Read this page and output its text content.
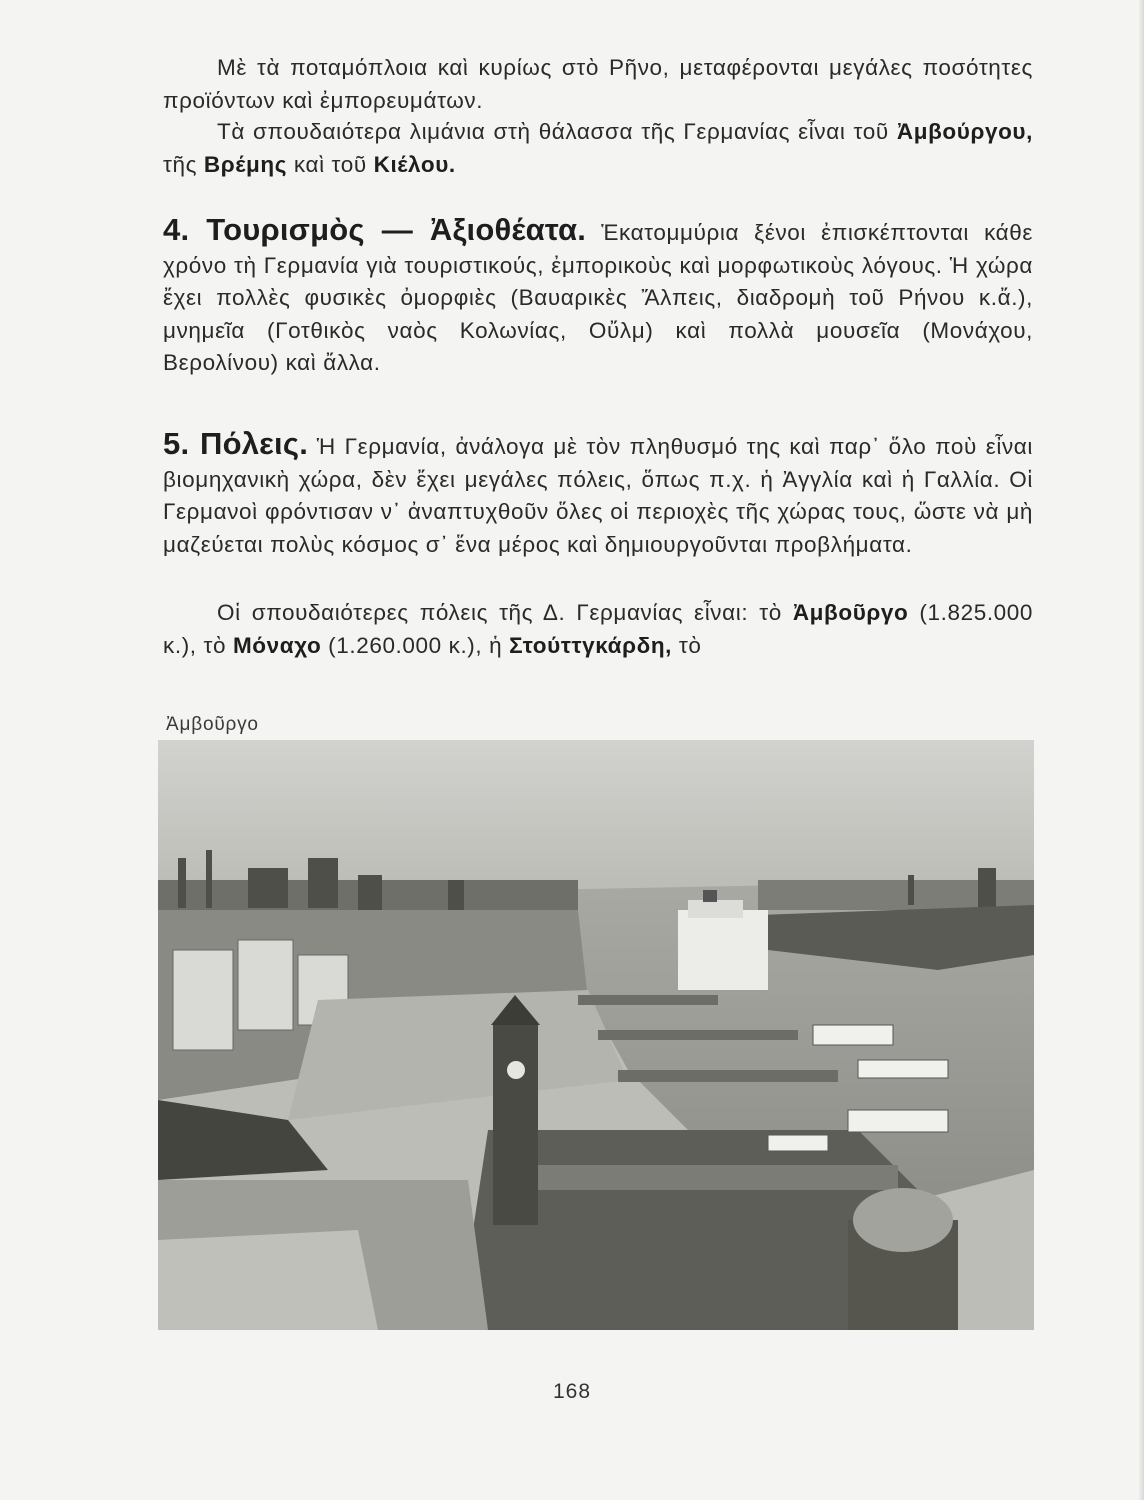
Μὲ τὰ ποταμόπλοια καὶ κυρίως στὸ Ρῆνο, μεταφέρονται μεγάλες ποσότητες προϊόντων καὶ ἐμπορευμάτων.

Τὰ σπουδαιότερα λιμάνια στὴ θάλασσα τῆς Γερμανίας εἶναι τοῦ Ἀμβούργου, τῆς Βρέμης καὶ τοῦ Κιέλου.

4. Τουρισμὸς — Ἀξιοθέατα. Ἑκατομμύρια ξένοι ἐπισκέπτονται κάθε χρόνο τὴ Γερμανία γιὰ τουριστικούς, ἐμπορικοὺς καὶ μορφωτικοὺς λόγους. Ἡ χώρα ἔχει πολλὲς φυσικὲς ὀμορφιὲς (Βαυαρικὲς Ἄλπεις, διαδρομὴ τοῦ Ρήνου κ.ἄ.), μνημεῖα (Γοτθικὸς ναὸς Κολωνίας, Οὔλμ) καὶ πολλὰ μουσεῖα (Μονάχου, Βερολίνου) καὶ ἄλλα.

5. Πόλεις. Ἡ Γερμανία, ἀνάλογα μὲ τὸν πληθυσμό της καὶ παρ᾽ ὅλο ποὺ εἶναι βιομηχανικὴ χώρα, δὲν ἔχει μεγάλες πόλεις, ὅπως π.χ. ἡ Ἀγγλία καὶ ἡ Γαλλία. Οἱ Γερμανοὶ φρόντισαν ν᾽ ἀναπτυχθοῦν ὅλες οἱ περιοχὲς τῆς χώρας τους, ὥστε νὰ μὴ μαζεύεται πολὺς κόσμος σ᾽ ἕνα μέρος καὶ δημιουργοῦνται προβλήματα.

Οἱ σπουδαιότερες πόλεις τῆς Δ. Γερμανίας εἶναι: τὸ Ἀμβοῦργο (1.825.000 κ.), τὸ Μόναχο (1.260.000 κ.), ἡ Στούττγκάρδη, τὸ

Ἀμβοῦργο
168
